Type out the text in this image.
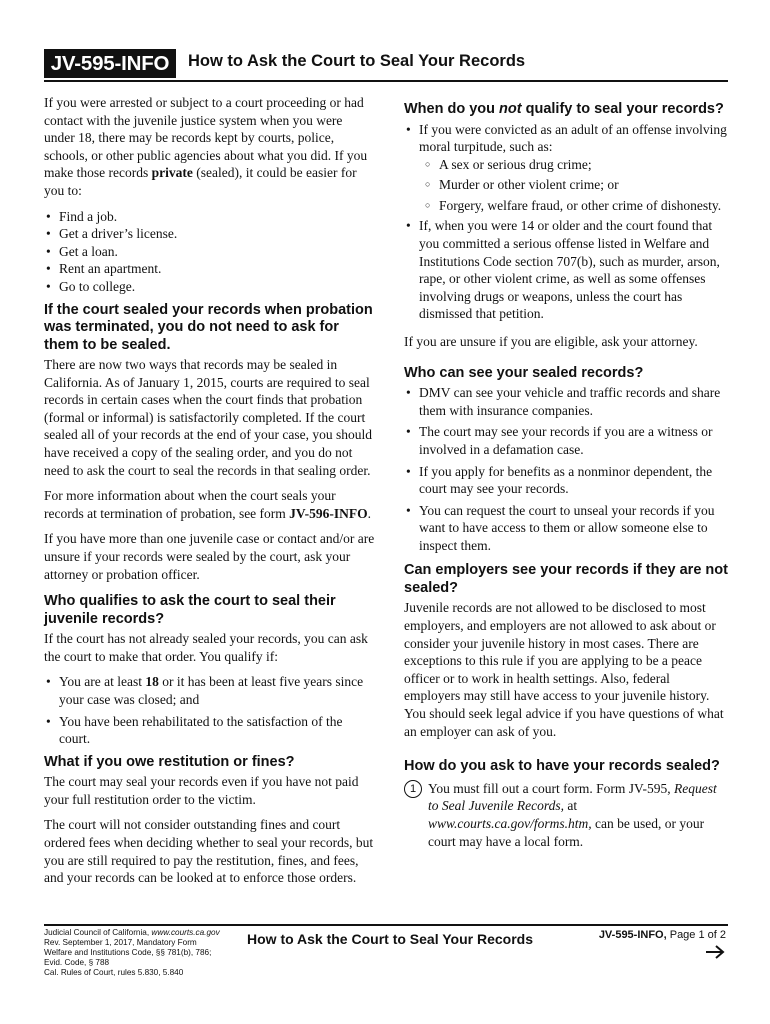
JV-595-INFO	How to Ask the Court to Seal Your Records

If you were arrested or subject to a court proceeding or had contact with the juvenile justice system when you were under 18, there may be records kept by courts, police, schools, or other public agencies about what you did. If you make those records private (sealed), it could be easier for you to:

• Find a job.
• Get a driver’s license.
• Get a loan.
• Rent an apartment.
• Go to college.
If the court sealed your records when probation was terminated, you do not need to ask for them to be sealed.

There are now two ways that records may be sealed in California. As of January 1, 2015, courts are required to seal records in certain cases when the court finds that probation (formal or informal) is satisfactorily completed. If the court sealed all of your records at the end of your case, you should have received a copy of the sealing order, and you do not need to ask the court to seal the records in that sealing order.

For more information about when the court seals your records at termination of probation, see form JV-596-INFO.

If you have more than one juvenile case or contact and/or are unsure if your records were sealed by the court, ask your attorney or probation officer.

Who qualifies to ask the court to seal their juvenile records?

If the court has not already sealed your records, you can ask the court to make that order. You qualify if:

• You are at least 18 or it has been at least five years since your case was closed; and
• You have been rehabilitated to the satisfaction of the court.
What if you owe restitution or fines?

The court may seal your records even if you have not paid your full restitution order to the victim.

The court will not consider outstanding fines and court ordered fees when deciding whether to seal your records, but you are still required to pay the restitution, fines, and fees, and your records can be looked at to enforce those orders.

When do you not qualify to seal your records?
• If you were convicted as an adult of an offense involving moral turpitude, such as:
○ A sex or serious drug crime;
○ Murder or other violent crime; or
○ Forgery, welfare fraud, or other crime of dishonesty.
• If, when you were 14 or older and the court found that you committed a serious offense listed in Welfare and Institutions Code section 707(b), such as murder, arson, rape, or other violent crime, as well as some offenses involving drugs or weapons, unless the court has dismissed that petition.

If you are unsure if you are eligible, ask your attorney.

Who can see your sealed records?
• DMV can see your vehicle and traffic records and share them with insurance companies.
• The court may see your records if you are a witness or involved in a defamation case.
• If you apply for benefits as a nonminor dependent, the court may see your records.
• You can request the court to unseal your records if you want to have access to them or allow someone else to inspect them.
Can employers see your records if they are not sealed?

Juvenile records are not allowed to be disclosed to most employers, and employers are not allowed to ask about or consider your juvenile history in most cases. There are exceptions to this rule if you are applying to be a peace officer or to work in health settings. Also, federal employers may still have access to your juvenile history. You should seek legal advice if you have questions of what an employer can ask of you.

How do you ask to have your records sealed?
1 You must fill out a court form. Form JV-595, Request to Seal Juvenile Records, at www.courts.ca.gov/forms.htm, can be used, or your court may have a local form.
Judicial Council of California, www.courts.ca.gov
Rev. September 1, 2017, Mandatory Form
Welfare and Institutions Code, §§ 781(b), 786;
Evid. Code, § 788
Cal. Rules of Court, rules 5.830, 5.840
How to Ask the Court to Seal Your Records	JV-595-INFO, Page 1 of 2
